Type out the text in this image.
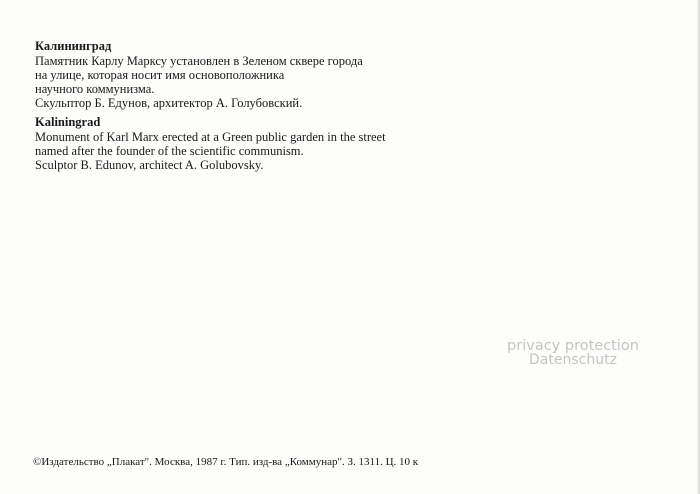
Калининград
Памятник Карлу Марксу установлен в Зеленом сквере города
на улице, которая носит имя основоположника
научного коммунизма.
Скульптор Б. Едунов, архитектор А. Голубовский.
Kaliningrad
Monument of Karl Marx erected at a Green public garden in the street
named after the founder of the scientific communism.
Sculptor B. Edunov, architect A. Golubovsky.
privacy protection
Datenschutz
©Издательство „Плакат". Москва, 1987 г. Тип. изд-ва „Коммунар". З. 1311. Ц. 10 к
